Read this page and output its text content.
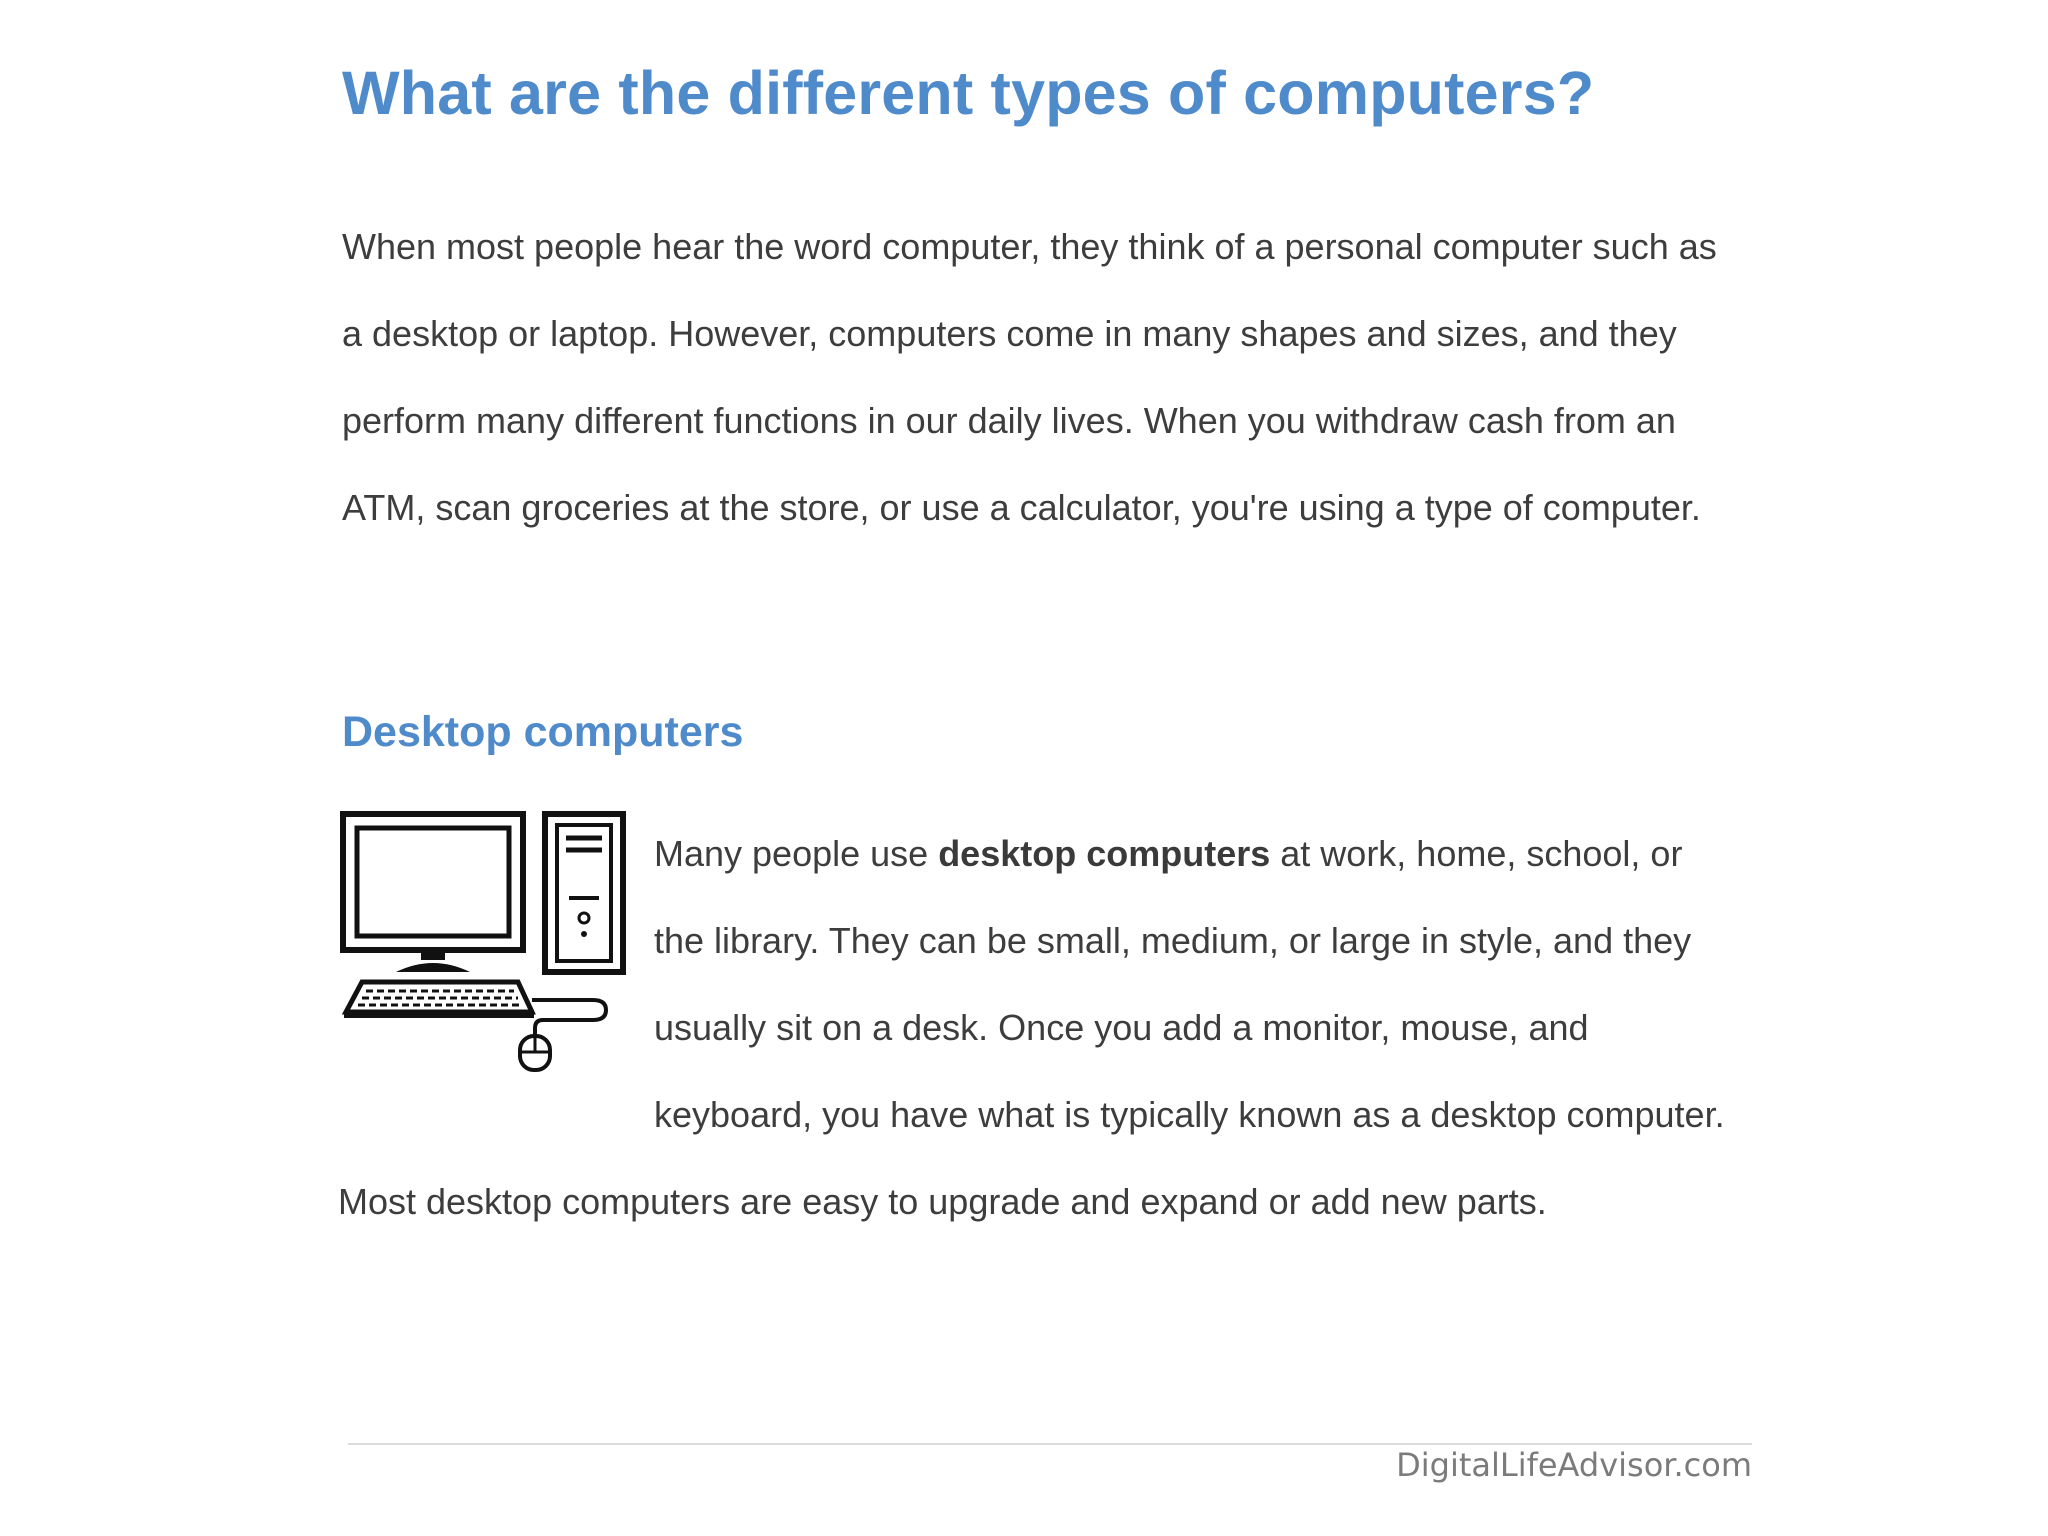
What are the different types of computers?

When most people hear the word computer, they think of a personal computer such as a desktop or laptop. However, computers come in many shapes and sizes, and they perform many different functions in our daily lives. When you withdraw cash from an ATM, scan groceries at the store, or use a calculator, you're using a type of computer.

Desktop computers
Many people use desktop computers at work, home, school, or the library. They can be small, medium, or large in style, and they usually sit on a desk. Once you add a monitor, mouse, and keyboard, you have what is typically known as a desktop computer. Most desktop computers are easy to upgrade and expand or add new parts.
DigitalLifeAdvisor.com
